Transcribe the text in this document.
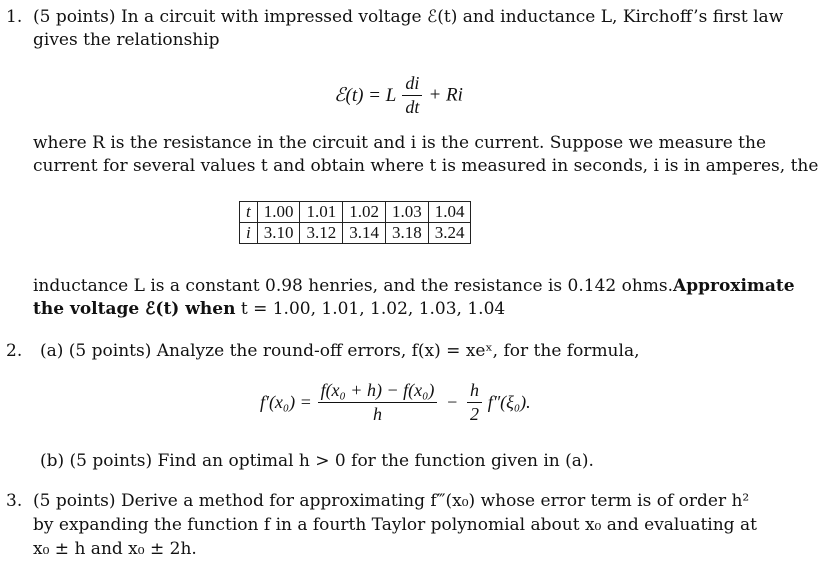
1. (5 points) In a circuit with impressed voltage ℰ(t) and inductance L, Kirchoff’s first law
gives the relationship
ℰ(t) = L $\frac{di}{dt} + Ri$
where R is the resistance in the circuit and i is the current. Suppose we measure the
current for several values t and obtain where t is measured in seconds, i is in amperes, the
t	1.00	1.01	1.02	1.03	1.04
i	3.10	3.12	3.14	3.18	3.24
inductance L is a constant 0.98 henries, and the resistance is 0.142 ohms.Approximate
the voltage ℰ(t) when t = 1.00, 1.01, 1.02, 1.03, 1.04
2. (a) (5 points) Analyze the round-off errors, f(x) = xeˣ, for the formula,
$f'(x_0) = \frac{\text{f(x₀ + h) − f(x₀)}}{h} - \frac{h}{2} f''(\xi_0)$.
(b) (5 points) Find an optimal h > 0 for the function given in (a).
3. (5 points) Derive a method for approximating f‴(x₀) whose error term is of order h²
by expanding the function f in a fourth Taylor polynomial about x₀ and evaluating at
x₀ ± h and x₀ ± 2h.
